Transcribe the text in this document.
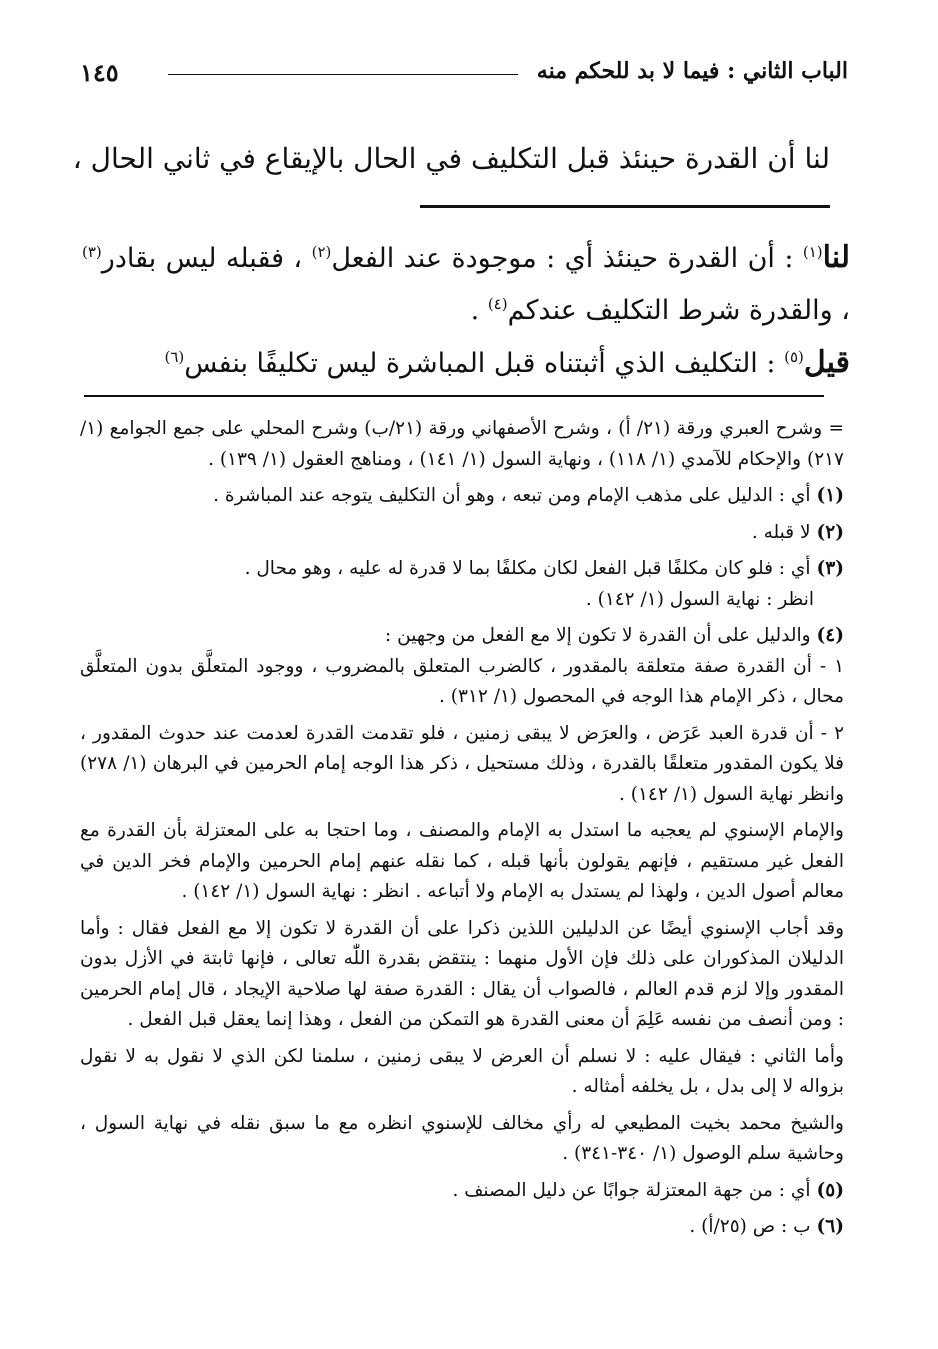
الباب الثاني : فيما لا بد للحكم منه
١٤٥
لنا أن القدرة حينئذ قبل التكليف في الحال بالإيقاع في ثاني الحال ،

لنا$^{(١)}$ : أن القدرة حينئذ أي : موجودة عند الفعل$^{(٢)}$ ، فقبله ليس بقادر$^{(٣)}$ ، والقدرة شرط التكليف عندكم$^{(٤)}$ .

قيل$^{(٥)}$ : التكليف الذي أثبتناه قبل المباشرة ليس تكليفًا بنفس$^{(٦)}$

= وشرح العبري ورقة (٢١/ أ) ، وشرح الأصفهاني ورقة (٢١/ب) وشرح المحلي على جمع الجوامع (١/ ٢١٧) والإحكام للآمدي (١/ ١١٨) ، ونهاية السول (١/ ١٤١) ، ومناهج العقول (١/ ١٣٩) .

(١)أي : الدليل على مذهب الإمام ومن تبعه ، وهو أن التكليف يتوجه عند المباشرة .

(٢)لا قبله .

(٣)أي : فلو كان مكلفًا قبل الفعل لكان مكلفًا بما لا قدرة له عليه ، وهو محال .

انظر : نهاية السول (١/ ١٤٢) .

(٤)والدليل على أن القدرة لا تكون إلا مع الفعل من وجهين :

١ - أن القدرة صفة متعلقة بالمقدور ، كالضرب المتعلق بالمضروب ، ووجود المتعلَّق بدون المتعلَّق محال ، ذكر الإمام هذا الوجه في المحصول (١/ ٣١٢) .

٢ - أن قدرة العبد عَرَض ، والعرَض لا يبقى زمنين ، فلو تقدمت القدرة لعدمت عند حدوث المقدور ، فلا يكون المقدور متعلقًا بالقدرة ، وذلك مستحيل ، ذكر هذا الوجه إمام الحرمين في البرهان (١/ ٢٧٨) وانظر نهاية السول (١/ ١٤٢) .

والإمام الإسنوي لم يعجبه ما استدل به الإمام والمصنف ، وما احتجا به على المعتزلة بأن القدرة مع الفعل غير مستقيم ، فإنهم يقولون بأنها قبله ، كما نقله عنهم إمام الحرمين والإمام فخر الدين في معالم أصول الدين ، ولهذا لم يستدل به الإمام ولا أتباعه . انظر : نهاية السول (١/ ١٤٢) .

وقد أجاب الإسنوي أيضًا عن الدليلين اللذين ذكرا على أن القدرة لا تكون إلا مع الفعل فقال : وأما الدليلان المذكوران على ذلك فإن الأول منهما : ينتقض بقدرة اللّٰه تعالى ، فإنها ثابتة في الأزل بدون المقدور وإلا لزم قدم العالم ، فالصواب أن يقال : القدرة صفة لها صلاحية الإيجاد ، قال إمام الحرمين : ومن أنصف من نفسه عَلِمَ أن معنى القدرة هو التمكن من الفعل ، وهذا إنما يعقل قبل الفعل .

وأما الثاني : فيقال عليه : لا نسلم أن العرض لا يبقى زمنين ، سلمنا لكن الذي لا نقول به لا نقول بزواله لا إلى بدل ، بل يخلفه أمثاله .

والشيخ محمد بخيت المطيعي له رأي مخالف للإسنوي انظره مع ما سبق نقله في نهاية السول ، وحاشية سلم الوصول (١/ ٣٤٠-٣٤١) .

(٥)أي : من جهة المعتزلة جوابًا عن دليل المصنف .

(٦)ب : ص (٢٥/أ) .
